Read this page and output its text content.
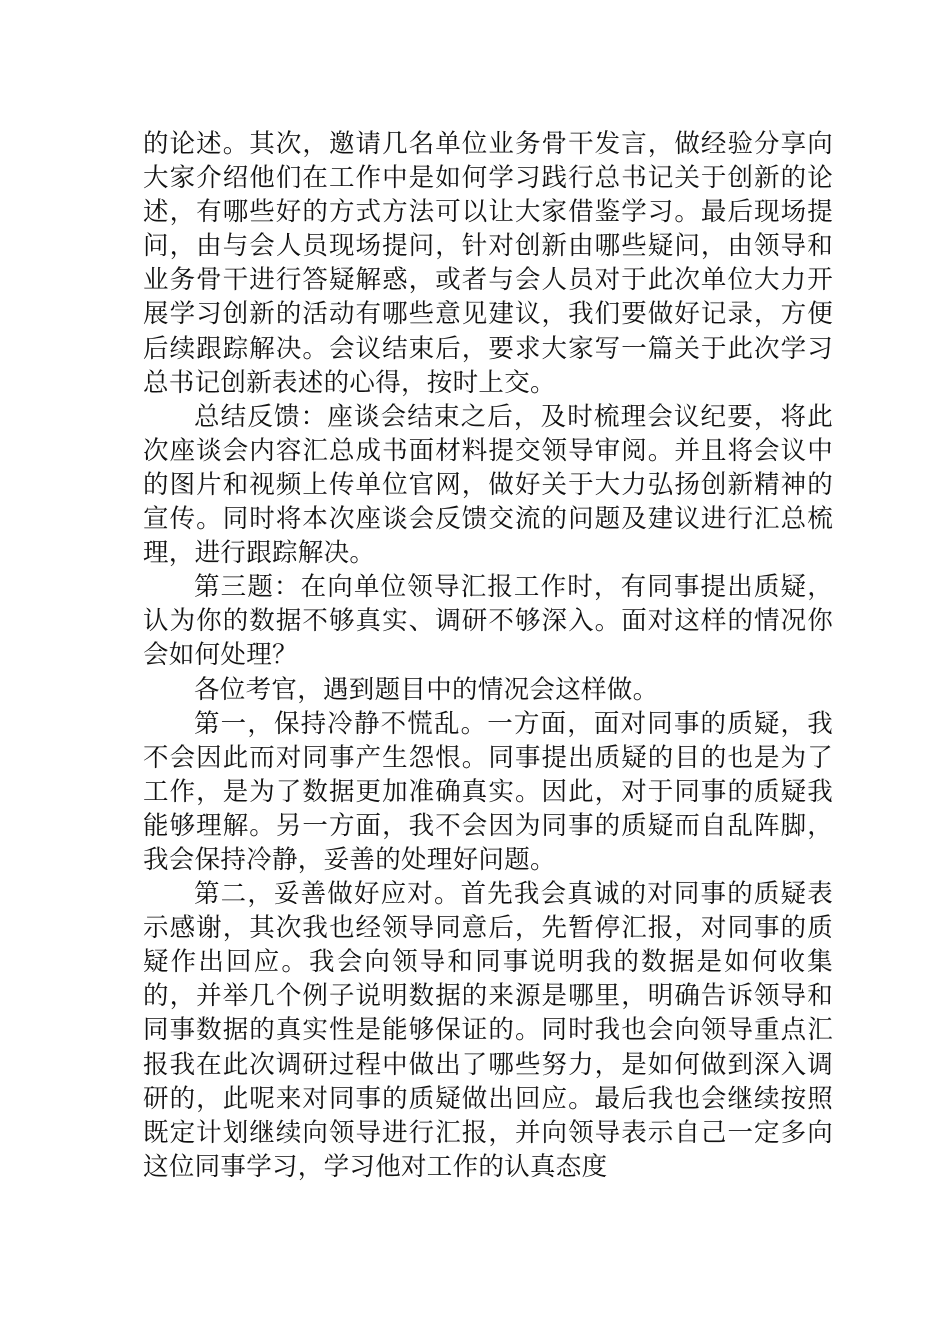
的论述。其次，邀请几名单位业务骨干发言，做经验分享向大家介绍他们在工作中是如何学习践行总书记关于创新的论述，有哪些好的方式方法可以让大家借鉴学习。最后现场提问，由与会人员现场提问，针对创新由哪些疑问，由领导和业务骨干进行答疑解惑，或者与会人员对于此次单位大力开展学习创新的活动有哪些意见建议，我们要做好记录，方便后续跟踪解决。会议结束后，要求大家写一篇关于此次学习总书记创新表述的心得，按时上交。

总结反馈：座谈会结束之后，及时梳理会议纪要，将此次座谈会内容汇总成书面材料提交领导审阅。并且将会议中的图片和视频上传单位官网，做好关于大力弘扬创新精神的宣传。同时将本次座谈会反馈交流的问题及建议进行汇总梳理，进行跟踪解决。

第三题：在向单位领导汇报工作时，有同事提出质疑，认为你的数据不够真实、调研不够深入。面对这样的情况你会如何处理？

各位考官，遇到题目中的情况会这样做。

第一，保持冷静不慌乱。一方面，面对同事的质疑，我不会因此而对同事产生怨恨。同事提出质疑的目的也是为了工作，是为了数据更加准确真实。因此，对于同事的质疑我能够理解。另一方面，我不会因为同事的质疑而自乱阵脚，我会保持冷静，妥善的处理好问题。

第二，妥善做好应对。首先我会真诚的对同事的质疑表示感谢，其次我也经领导同意后，先暂停汇报，对同事的质疑作出回应。我会向领导和同事说明我的数据是如何收集的，并举几个例子说明数据的来源是哪里，明确告诉领导和同事数据的真实性是能够保证的。同时我也会向领导重点汇报我在此次调研过程中做出了哪些努力，是如何做到深入调研的，此呢来对同事的质疑做出回应。最后我也会继续按照既定计划继续向领导进行汇报，并向领导表示自己一定多向这位同事学习，学习他对工作的认真态度
